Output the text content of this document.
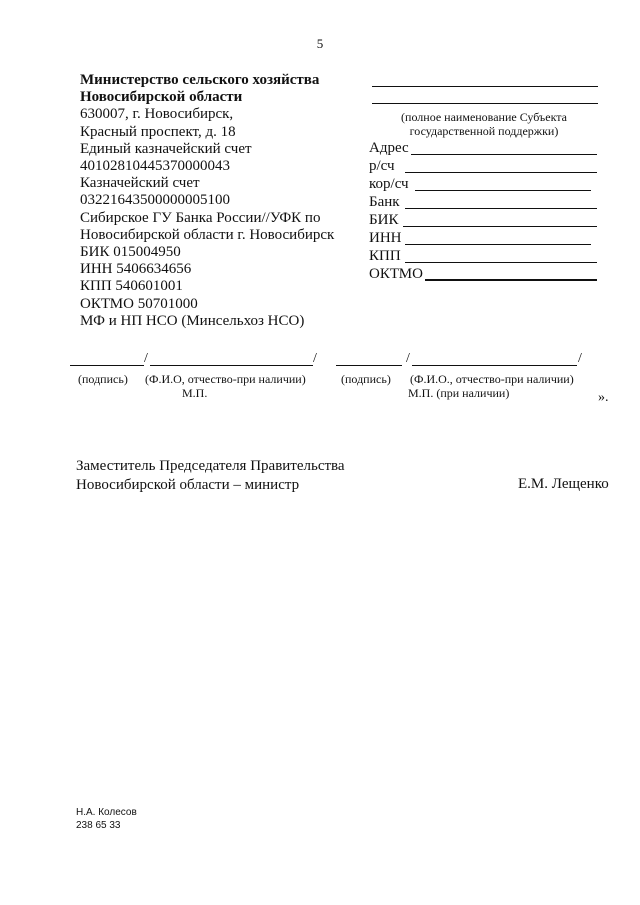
5
Министерство сельского хозяйства
Новосибирской области
630007, г. Новосибирск,
Красный проспект, д. 18
Единый казначейский счет
40102810445370000043
Казначейский счет
03221643500000005100
Сибирское ГУ Банка России//УФК по
Новосибирской области г. Новосибирск
БИК 015004950
ИНН 5406634656
КПП 540601001
ОКТМО 50701000
МФ и НП НСО (Минсельхоз НСО)
(полное наименование Субъекта
государственной поддержки)
Адрес
р/сч
кор/сч
Банк
БИК
ИНН
КПП
ОКТМО
/	/	/	/
(подпись) (Ф.И.О, отчество-при наличии)
М.П.
(подпись) (Ф.И.О., отчество-при наличии)
М.П. (при наличии)	».
Заместитель Председателя Правительства
Новосибирской области – министр	Е.М. Лещенко
Н.А. Колесов
238 65 33
